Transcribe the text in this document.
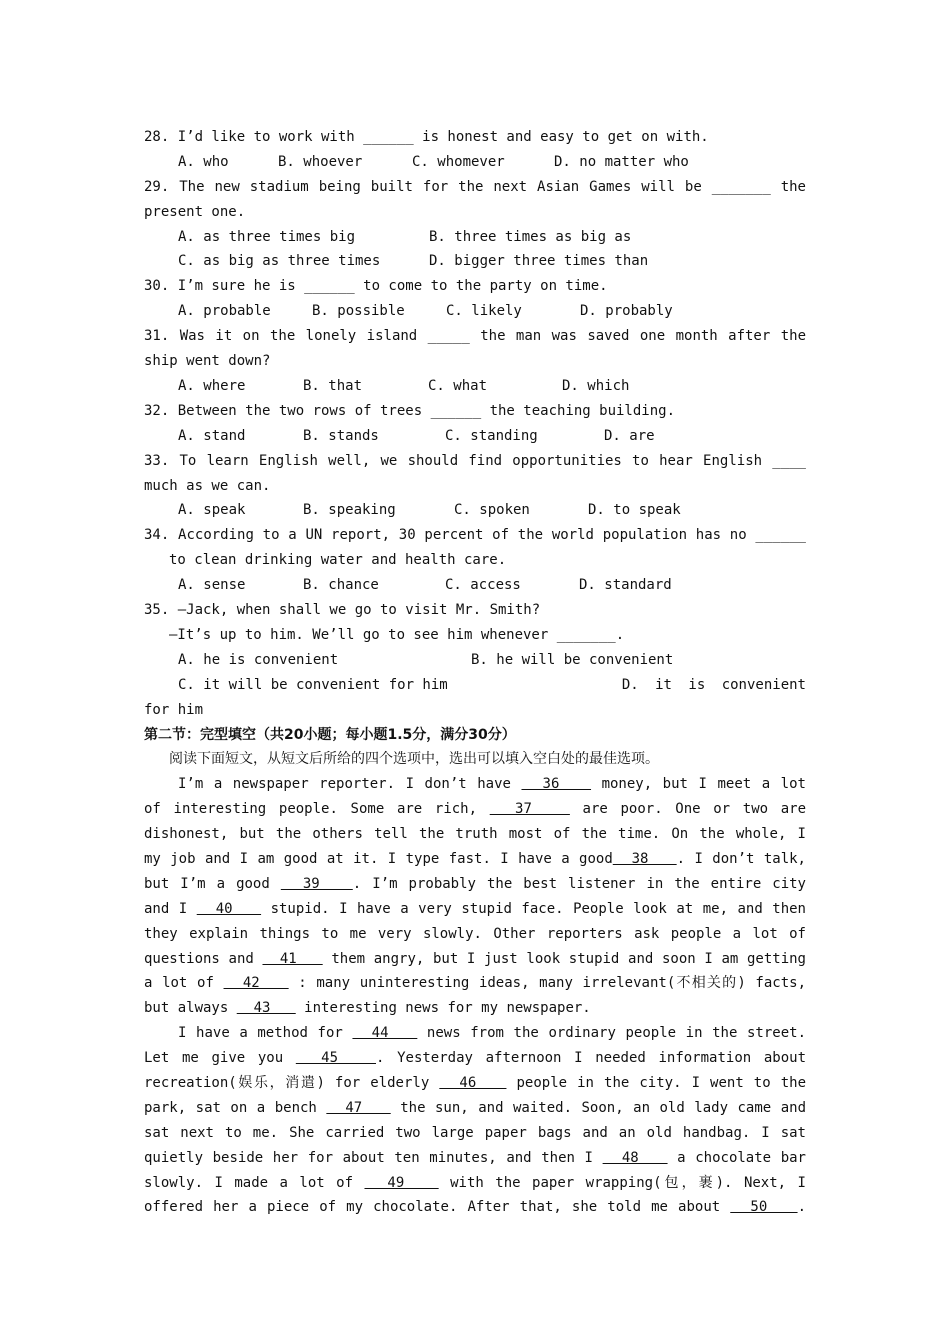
28. I’d like to work with ______ is honest and easy to get on with.
A. who	B. whoever	C. whomever	D. no matter who
29. The new stadium being built for the next Asian Games will be _______ the
present one.
A. as three times big	B. three times as big as
C. as big as three times	D. bigger three times than
30. I’m sure he is ______ to come to the party on time.
A. probable	B. possible	C. likely	D. probably
31. Was it on the lonely island _____ the man was saved one month after the
ship went down?
A. where	B. that	C. what	D. which
32. Between the two rows of trees ______ the teaching building.
A. stand	B. stands	C. standing	D. are
33. To learn English well, we should find opportunities to hear English ____
much as we can.
A. speak	B. speaking	C. spoken	D. to speak
34. According to a UN report, 30 percent of the world population has no ______
to clean drinking water and health care.
A. sense	B. chance	C. access	D. standard
35. —Jack, when shall we go to visit Mr. Smith?
—It’s up to him. We’ll go to see him whenever _______.
A. he is convenient	B. he will be convenient
C. it will be convenient for him	D. it is convenient
for him
第二节：完型填空（共20小题；每小题1.5分，满分30分）
阅读下面短文，从短文后所给的四个选项中，选出可以填入空白处的最佳选项。
I’m a newspaper reporter. I don’t have   36    money, but I meet a lot
of interesting people. Some are rich,   37    are poor. One or two are
dishonest, but the others tell the truth most of the time. On the whole, I
my job and I am good at it. I type fast. I have a good  38   . I don’t talk,
but I’m a good   39   . I’m probably the best listener in the entire city
and I   40    stupid. I have a very stupid face. People look at me, and then
they explain things to me very slowly. Other reporters ask people a lot of
questions and   41    them angry, but I just look stupid and soon I am getting
a lot of   42    : many uninteresting ideas, many irrelevant(不相关的) facts,
but always   43    interesting news for my newspaper.
I have a method for   44    news from the ordinary people in the street.
Let me give you   45   . Yesterday afternoon I needed information about
recreation(娱乐，消遣) for elderly   46    people in the city. I went to the
park, sat on a bench   47    the sun, and waited. Soon, an old lady came and
sat next to me. She carried two large paper bags and an old handbag. I sat
quietly beside her for about ten minutes, and then I   48    a chocolate bar
slowly. I made a lot of   49    with the paper wrapping(包，裹). Next, I
offered her a piece of my chocolate. After that, she told me about   50   .
